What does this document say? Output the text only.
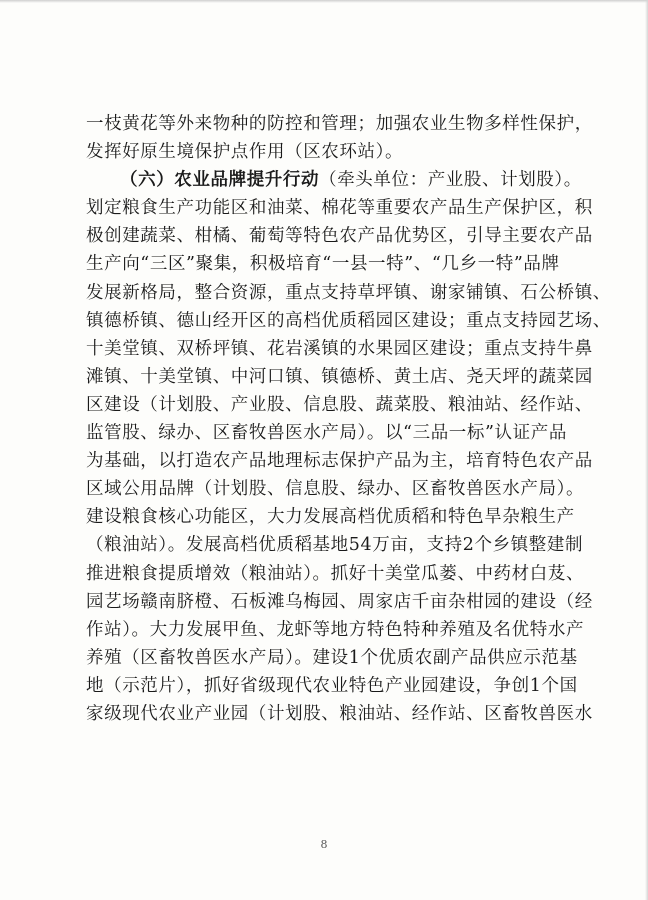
一枝黄花等外来物种的防控和管理；加强农业生物多样性保护，
发挥好原生境保护点作用（区农环站）。
（六）农业品牌提升行动（牵头单位：产业股、计划股）。
划定粮食生产功能区和油菜、棉花等重要农产品生产保护区，积
极创建蔬菜、柑橘、葡萄等特色农产品优势区，引导主要农产品
生产向“三区”聚集，积极培育“一县一特”、“几乡一特”品牌
发展新格局，整合资源，重点支持草坪镇、谢家铺镇、石公桥镇、
镇德桥镇、德山经开区的高档优质稻园区建设；重点支持园艺场、
十美堂镇、双桥坪镇、花岩溪镇的水果园区建设；重点支持牛鼻
滩镇、十美堂镇、中河口镇、镇德桥、黄土店、尧天坪的蔬菜园
区建设（计划股、产业股、信息股、蔬菜股、粮油站、经作站、
监管股、绿办、区畜牧兽医水产局）。以“三品一标”认证产品
为基础，以打造农产品地理标志保护产品为主，培育特色农产品
区域公用品牌（计划股、信息股、绿办、区畜牧兽医水产局）。
建设粮食核心功能区，大力发展高档优质稻和特色旱杂粮生产
（粮油站）。发展高档优质稻基地54万亩，支持2个乡镇整建制
推进粮食提质增效（粮油站）。抓好十美堂瓜蒌、中药材白芨、
园艺场赣南脐橙、石板滩乌梅园、周家店千亩杂柑园的建设（经
作站）。大力发展甲鱼、龙虾等地方特色特种养殖及名优特水产
养殖（区畜牧兽医水产局）。建设1个优质农副产品供应示范基
地（示范片），抓好省级现代农业特色产业园建设，争创1个国
家级现代农业产业园（计划股、粮油站、经作站、区畜牧兽医水
8
